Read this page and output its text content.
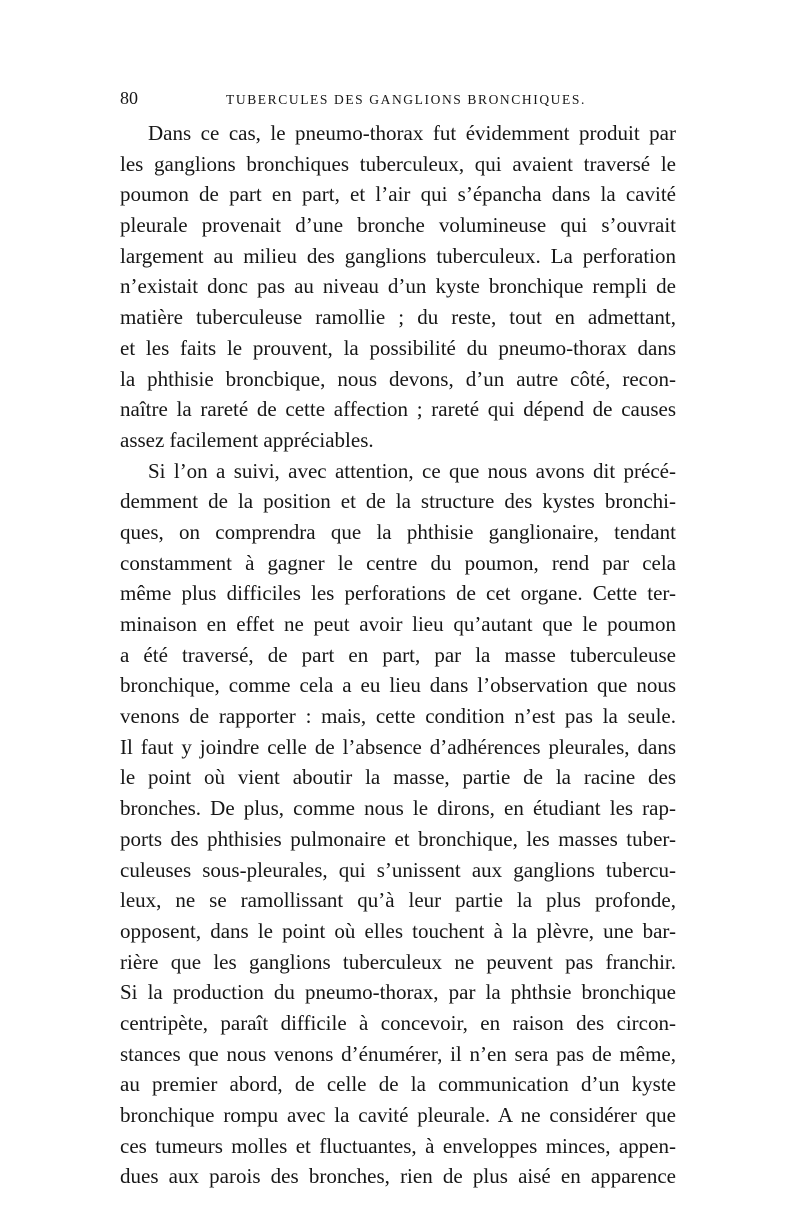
80	TUBERCULES DES GANGLIONS BRONCHIQUES.
Dans ce cas, le pneumo-thorax fut évidemment produit par
les ganglions bronchiques tuberculeux, qui avaient traversé le
poumon de part en part, et l’air qui s’épancha dans la cavité
pleurale provenait d’une bronche volumineuse qui s’ouvrait
largement au milieu des ganglions tuberculeux. La perforation
n’existait donc pas au niveau d’un kyste bronchique rempli de
matière tuberculeuse ramollie ; du reste, tout en admettant,
et les faits le prouvent, la possibilité du pneumo-thorax dans
la phthisie broncbique, nous devons, d’un autre côté, recon-
naître la rareté de cette affection ; rareté qui dépend de causes
assez facilement appréciables.
Si l’on a suivi, avec attention, ce que nous avons dit précé-
demment de la position et de la structure des kystes bronchi-
ques, on comprendra que la phthisie ganglionaire, tendant
constamment à gagner le centre du poumon, rend par cela
même plus difficiles les perforations de cet organe. Cette ter-
minaison en effet ne peut avoir lieu qu’autant que le poumon
a été traversé, de part en part, par la masse tuberculeuse
bronchique, comme cela a eu lieu dans l’observation que nous
venons de rapporter : mais, cette condition n’est pas la seule.
Il faut y joindre celle de l’absence d’adhérences pleurales, dans
le point où vient aboutir la masse, partie de la racine des
bronches. De plus, comme nous le dirons, en étudiant les rap-
ports des phthisies pulmonaire et bronchique, les masses tuber-
culeuses sous-pleurales, qui s’unissent aux ganglions tubercu-
leux, ne se ramollissant qu’à leur partie la plus profonde,
opposent, dans le point où elles touchent à la plèvre, une bar-
rière que les ganglions tuberculeux ne peuvent pas franchir.
Si la production du pneumo-thorax, par la phthsie bronchique
centripète, paraît difficile à concevoir, en raison des circon-
stances que nous venons d’énumérer, il n’en sera pas de même,
au premier abord, de celle de la communication d’un kyste
bronchique rompu avec la cavité pleurale. A ne considérer que
ces tumeurs molles et fluctuantes, à enveloppes minces, appen-
dues aux parois des bronches, rien de plus aisé en apparence
